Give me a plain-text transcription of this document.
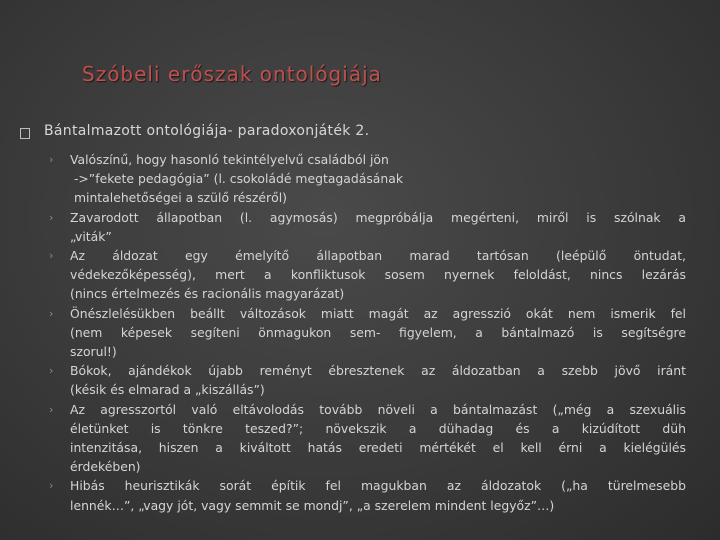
Szóbeli erőszak ontológiája
Bántalmazott ontológiája- paradoxonjáték 2.
› Valószínű, hogy hasonló tekintélyelvű családból jön
->”fekete pedagógia” (l. csokoládé megtagadásának
mintalehetőségei a szülő részéről)
› Zavarodott állapotban (l. agymosás) megpróbálja megérteni, miről is szólnak a
„viták”
› Az áldozat egy émelyítő állapotban marad tartósan (leépülő öntudat,
védekezőképesség), mert a konfliktusok sosem nyernek feloldást, nincs lezárás
(nincs értelmezés és racionális magyarázat)
› Önészlelésükben beállt változások miatt magát az agresszió okát nem ismerik fel
(nem képesek segíteni önmagukon sem- figyelem, a bántalmazó is segítségre
szorul!)
› Bókok, ajándékok újabb reményt ébresztenek az áldozatban a szebb jövő iránt
(késik és elmarad a „kiszállás”)
› Az agresszortól való eltávolodás tovább növeli a bántalmazást („még a szexuális
életünket is tönkre teszed?”; növekszik a dühadag és a kizúdított düh
intenzitása, hiszen a kiváltott hatás eredeti mértékét el kell érni a kielégülés
érdekében)
› Hibás heurisztikák sorát építik fel magukban az áldozatok („ha türelmesebb
lennék…”, „vagy jót, vagy semmit se mondj”, „a szerelem mindent legyőz”…)
